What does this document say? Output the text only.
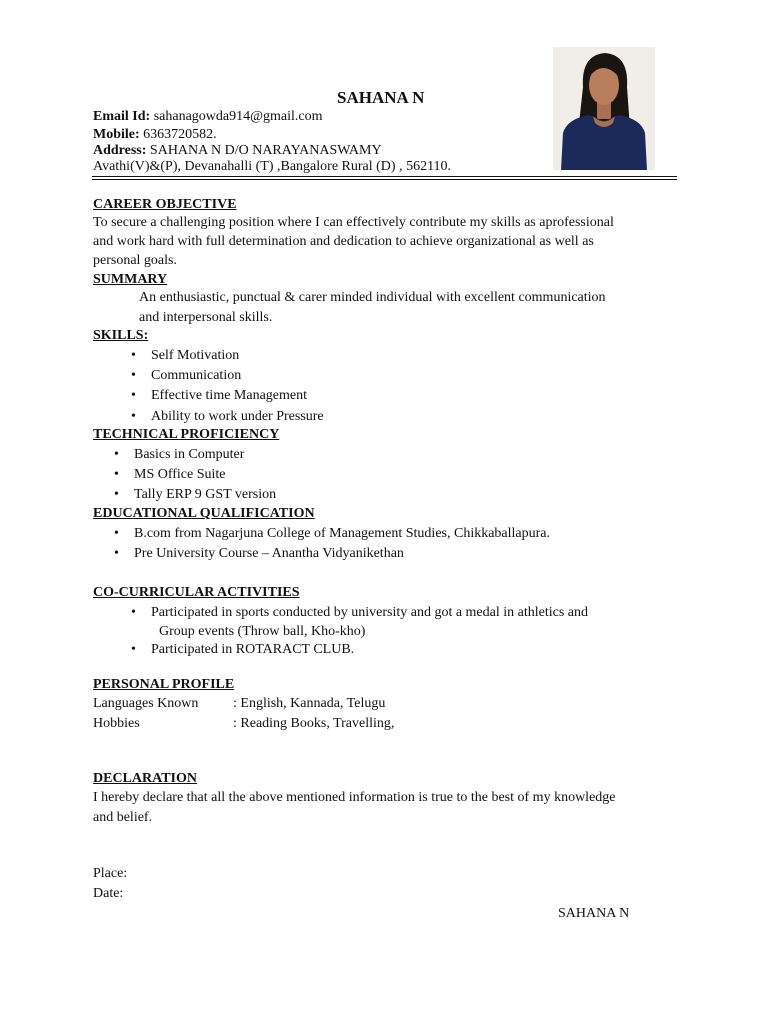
SAHANA N
Email Id: sahanagowda914@gmail.com
Mobile: 6363720582.
Address: SAHANA N D/O NARAYANASWAMY
Avathi(V)&(P), Devanahalli (T) ,Bangalore Rural (D) , 562110.
CAREER OBJECTIVE
To secure a challenging position where I can effectively contribute my skills as aprofessional
and work hard with full determination and dedication to achieve organizational as well as
personal goals.
SUMMARY
An enthusiastic, punctual & carer minded individual with excellent communication
and interpersonal skills.
SKILLS:
• Self Motivation
• Communication
• Effective time Management
• Ability to work under Pressure
TECHNICAL PROFICIENCY
• Basics in Computer
• MS Office Suite
• Tally ERP 9 GST version
EDUCATIONAL QUALIFICATION
• B.com from Nagarjuna College of Management Studies, Chikkaballapura.
• Pre University Course – Anantha Vidyanikethan
CO-CURRICULAR ACTIVITIES
• Participated in sports conducted by university and got a medal in athletics and
Group events (Throw ball, Kho-kho)
• Participated in ROTARACT CLUB.
PERSONAL PROFILE
Languages Known : English, Kannada, Telugu
Hobbies	: Reading Books, Travelling,
DECLARATION
I hereby declare that all the above mentioned information is true to the best of my knowledge
and belief.
Place:
Date:
SAHANA N
